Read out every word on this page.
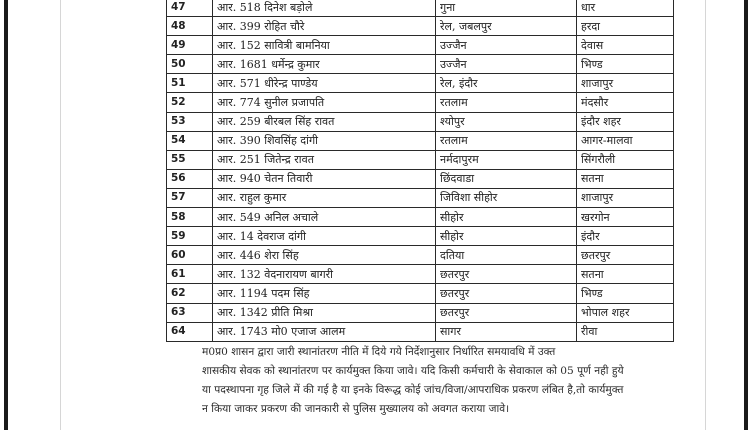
47	आर. 518 दिनेश बड़ोले	गुना	धार
48	आर. 399 रोहित चौरे	रेल, जबलपुर	हरदा
49	आर. 152 सावित्री बामनिया	उज्जैन	देवास
50	आर. 1681 धर्मेन्द्र कुमार	उज्जैन	भिण्ड
51	आर. 571 धीरेन्द्र पाण्डेय	रेल, इंदौर	शाजापुर
52	आर. 774 सुनील प्रजापति	रतलाम	मंदसौर
53	आर. 259 बीरबल सिंह रावत	श्योपुर	इंदौर शहर
54	आर. 390 शिवसिंह दांगी	रतलाम	आगर-मालवा
55	आर. 251 जितेन्द्र रावत	नर्मदापुरम	सिंगरौली
56	आर. 940 चेतन तिवारी	छिंदवाडा	सतना
57	आर. राहुल कुमार	जिविशा सीहोर	शाजापुर
58	आर. 549 अनिल अचाले	सीहोर	खरगोन
59	आर. 14 देवराज दांगी	सीहोर	इंदौर
60	आर. 446 शेरा सिंह	दतिया	छतरपुर
61	आर. 132 वेदनारायण बागरी	छतरपुर	सतना
62	आर. 1194 पदम सिंह	छतरपुर	भिण्ड
63	आर. 1342 प्रीति मिश्रा	छतरपुर	भोपाल शहर
64	आर. 1743 मो0 एजाज आलम	सागर	रीवा

म0प्र0 शासन द्वारा जारी स्थानांतरण नीति में दिये गये निर्देशानुसार निर्धारित समयावधि में उक्त

शासकीय सेवक को स्थानांतरण पर कार्यमुक्त किया जावे। यदि किसी कर्मचारी के सेवाकाल को 05 पूर्ण नही हुये

या पदस्थापना गृह जिले में की गई है या इनके विरूद्ध कोई जांच/विजा/आपराधिक प्रकरण लंबित है,तो कार्यमुक्त

न किया जाकर प्रकरण की जानकारी से पुलिस मुख्यालय को अवगत कराया जावे।
